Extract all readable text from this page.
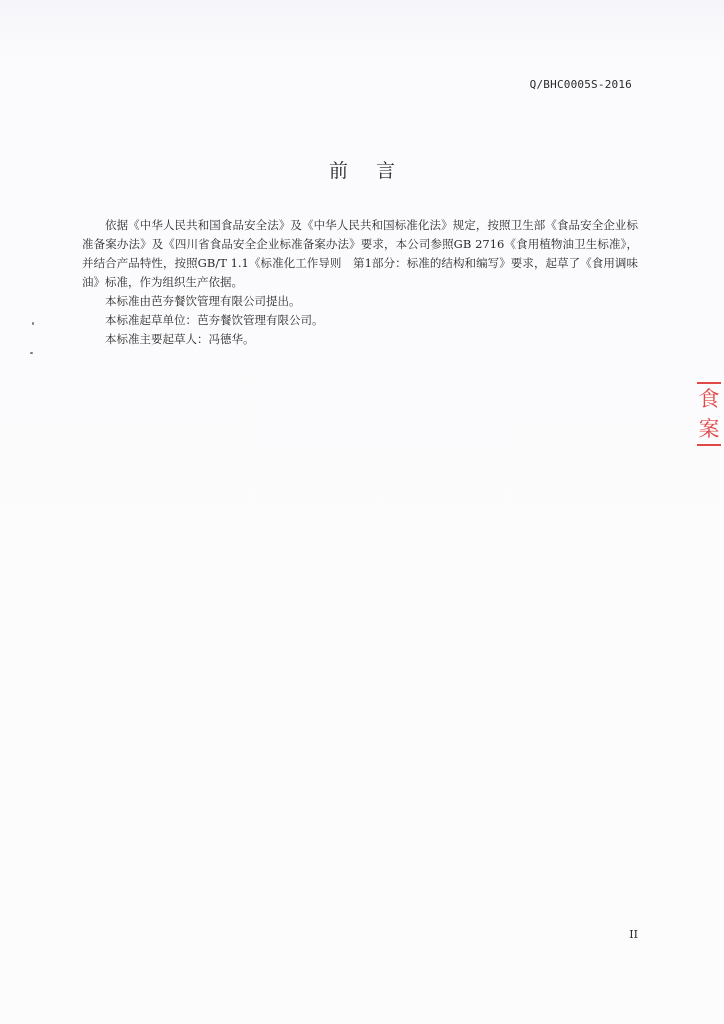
Q/BHC0005S-2016
前言

依据《中华人民共和国食品安全法》及《中华人民共和国标准化法》规定，按照卫生部《食品安全企业标准备案办法》及《四川省食品安全企业标准备案办法》要求，本公司参照GB 2716《食用植物油卫生标准》，并结合产品特性，按照GB/T 1.1《标准化工作导则　第1部分：标准的结构和编写》要求，起草了《食用调味油》标准，作为组织生产依据。

本标准由芭夯餐饮管理有限公司提出。

本标准起草单位：芭夯餐饮管理有限公司。

本标准主要起草人：冯德华。

食
案
II
